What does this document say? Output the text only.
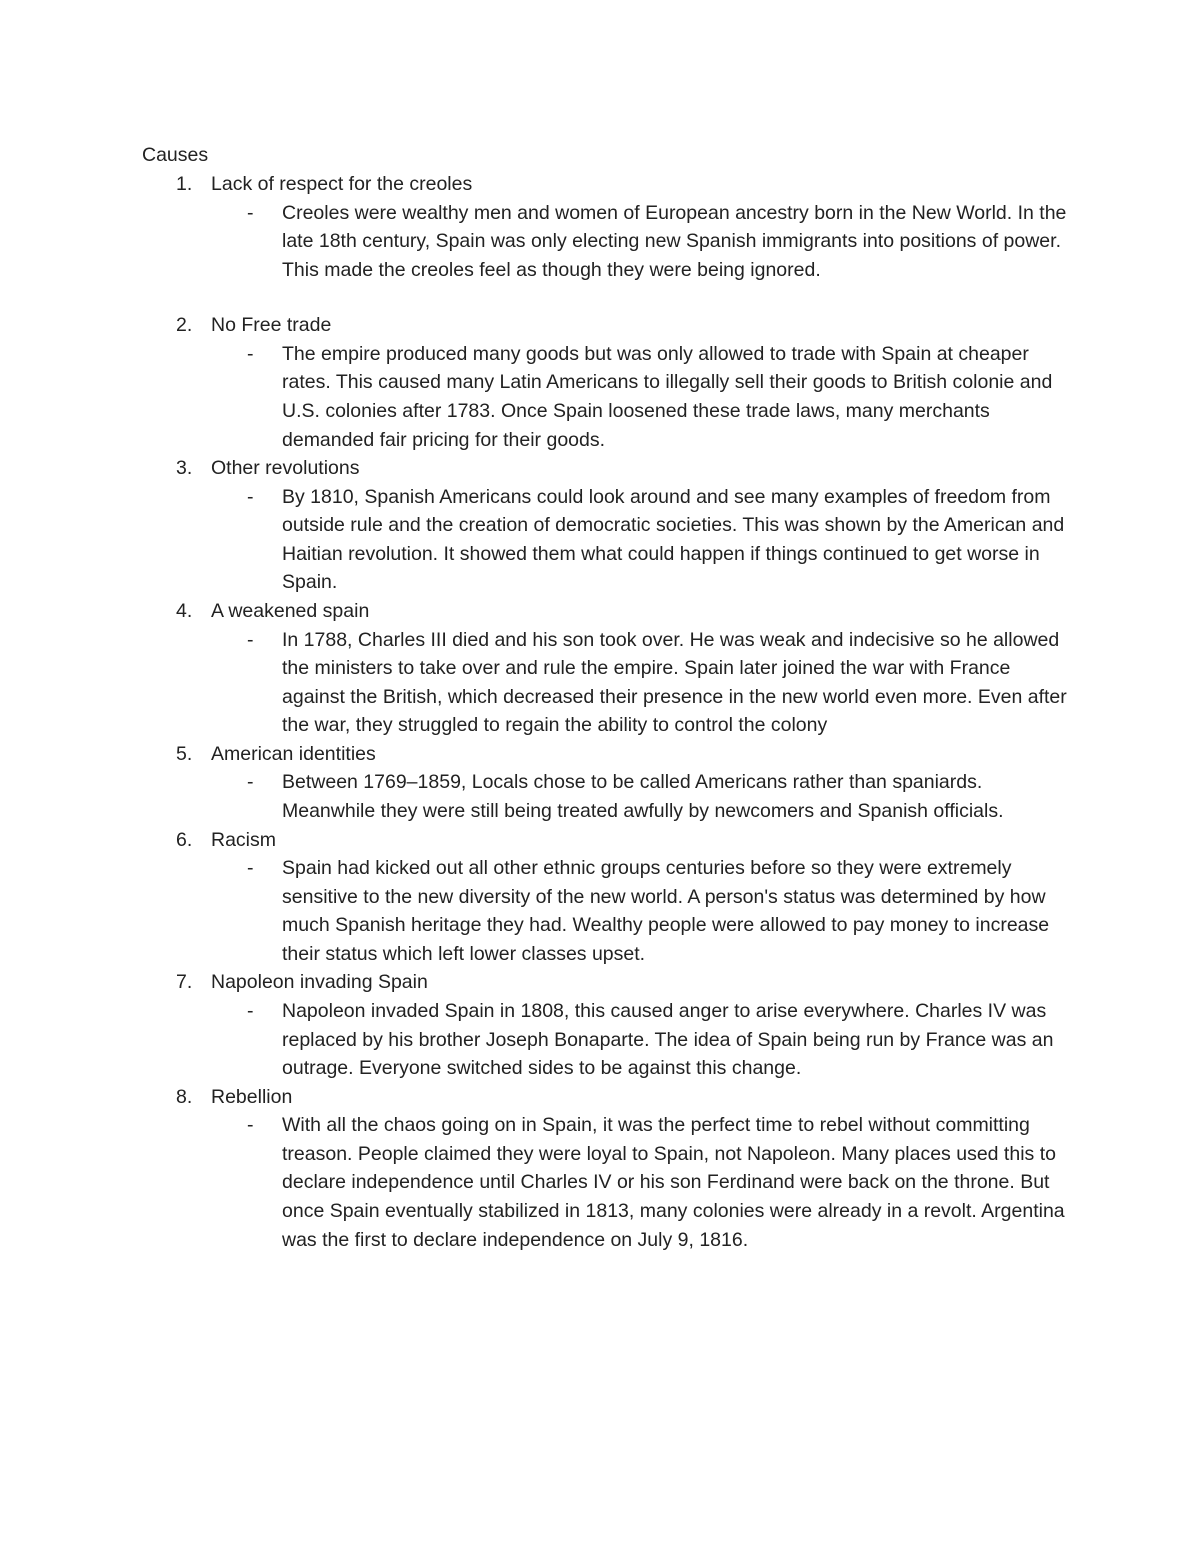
Causes
1. Lack of respect for the creoles
- Creoles were wealthy men and women of European ancestry born in the New World. In the late 18th century, Spain was only electing new Spanish immigrants into positions of power. This made the creoles feel as though they were being ignored.

2. No Free trade
- The empire produced many goods but was only allowed to trade with Spain at cheaper rates. This caused many Latin Americans to illegally sell their goods to British colonie and U.S. colonies after 1783. Once Spain loosened these trade laws, many merchants demanded fair pricing for their goods.

3. Other revolutions
- By 1810, Spanish Americans could look around and see many examples of freedom from outside rule and the creation of democratic societies. This was shown by the American and Haitian revolution. It showed them what could happen if things continued to get worse in Spain.

4. A weakened spain
- In 1788, Charles III died and his son took over. He was weak and indecisive so he allowed the ministers to take over and rule the empire. Spain later joined the war with France against the British, which decreased their presence in the new world even more. Even after the war, they struggled to regain the ability to control the colony

5. American identities
- Between 1769–1859, Locals chose to be called Americans rather than spaniards. Meanwhile they were still being treated awfully by newcomers and Spanish officials.

6. Racism
- Spain had kicked out all other ethnic groups centuries before so they were extremely sensitive to the new diversity of the new world. A person's status was determined by how much Spanish heritage they had. Wealthy people were allowed to pay money to increase their status which left lower classes upset.

7. Napoleon invading Spain
- Napoleon invaded Spain in 1808, this caused anger to arise everywhere. Charles IV was replaced by his brother Joseph Bonaparte. The idea of Spain being run by France was an outrage. Everyone switched sides to be against this change.

8. Rebellion
- With all the chaos going on in Spain, it was the perfect time to rebel without committing treason. People claimed they were loyal to Spain, not Napoleon. Many places used this to declare independence until Charles IV or his son Ferdinand were back on the throne. But once Spain eventually stabilized in 1813, many colonies were already in a revolt. Argentina was the first to declare independence on July 9, 1816.
